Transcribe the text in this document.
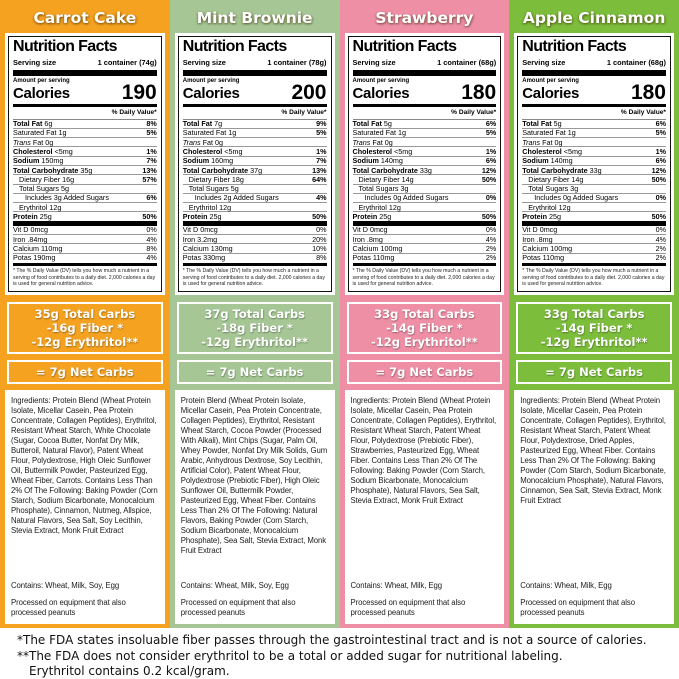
Carrot Cake
Nutrition Facts
Serving size	1 container (74g)
Amount per serving
Calories 190
% Daily Value*
Total Fat 6g	8%
Saturated Fat 1g	5%
Trans Fat 0g
Cholesterol <5mg	1%
Sodium 150mg	7%
Total Carbohydrate 35g	13%
Dietary Fiber 16g	57%
Total Sugars 5g
Includes 3g Added Sugars	6%
Erythritol 12g
Protein 25g	50%
Vit D 0mcg	0%
Iron .84mg	4%
Calcium 110mg	8%
Potas 190mg	4%
* The % Daily Value (DV) tells you how much a nutrient in a serving of food contributes to a daily diet. 2,000 calories a day is used for general nutrition advice.
35g Total Carbs
-16g Fiber *
-12g Erythritol**
= 7g Net Carbs

Ingredients: Protein Blend (Wheat Protein Isolate, Micellar Casein, Pea Protein Concentrate, Collagen Peptides), Erythritol, Resistant Wheat Starch, White Chocolate (Sugar, Cocoa Butter, Nonfat Dry Milk, Butteroil, Natural Flavor), Patent Wheat Flour, Polydextrose, High Oleic Sunflower Oil, Buttermilk Powder, Pasteurized Egg, Wheat Fiber, Carrots. Contains Less Than 2% Of The Following: Baking Powder (Corn Starch, Sodium Bicarbonate, Monocalcium Phosphate), Cinnamon, Nutmeg, Allspice, Natural Flavors, Sea Salt, Soy Lecithin, Stevia Extract, Monk Fruit Extract

Contains: Wheat, Milk, Soy, Egg

Processed on equipment that also processed peanuts

Mint Brownie
Nutrition Facts
Serving size	1 container (78g)
Amount per serving
Calories 200
% Daily Value*
Total Fat 7g	9%
Saturated Fat 1g	5%
Trans Fat 0g
Cholesterol <5mg	1%
Sodium 160mg	7%
Total Carbohydrate 37g	13%
Dietary Fiber 18g	64%
Total Sugars 5g
Includes 2g Added Sugars	4%
Erythritol 12g
Protein 25g	50%
Vit D 0mcg	0%
Iron 3.2mg	20%
Calcium 130mg	10%
Potas 330mg	8%
* The % Daily Value (DV) tells you how much a nutrient in a serving of food contributes to a daily diet. 2,000 calories a day is used for general nutrition advice.
37g Total Carbs
-18g Fiber *
-12g Erythritol**
= 7g Net Carbs

Protein Blend (Wheat Protein Isolate, Micellar Casein, Pea Protein Concentrate, Collagen Peptides), Erythritol, Resistant Wheat Starch, Cocoa Powder (Processed With Alkali), Mint Chips (Sugar, Palm Oil, Whey Powder, Nonfat Dry Milk Solids, Gum Arabic, Anhydrous Dextrose, Soy Lecithin, Artificial Color), Patent Wheat Flour, Polydextrose (Prebiotic Fiber), High Oleic Sunflower Oil, Buttermilk Powder, Pasteurized Egg, Wheat Fiber. Contains Less Than 2% Of The Following: Natural Flavors, Baking Powder (Corn Starch, Sodium Bicarbonate, Monocalcium Phosphate), Sea Salt, Stevia Extract, Monk Fruit Extract

Contains: Wheat, Milk, Soy, Egg

Processed on equipment that also processed peanuts

Strawberry
Nutrition Facts
Serving size	1 container (68g)
Amount per serving
Calories 180
% Daily Value*
Total Fat 5g	6%
Saturated Fat 1g	5%
Trans Fat 0g
Cholesterol <5mg	1%
Sodium 140mg	6%
Total Carbohydrate 33g	12%
Dietary Fiber 14g	50%
Total Sugars 3g
Includes 0g Added Sugars	0%
Erythritol 12g
Protein 25g	50%
Vit D 0mcg	0%
Iron .8mg	4%
Calcium 100mg	2%
Potas 110mg	2%
* The % Daily Value (DV) tells you how much a nutrient in a serving of food contributes to a daily diet. 2,000 calories a day is used for general nutrition advice.
33g Total Carbs
-14g Fiber *
-12g Erythritol**
= 7g Net Carbs

Ingredients: Protein Blend (Wheat Protein Isolate, Micellar Casein, Pea Protein Concentrate, Collagen Peptides), Erythritol, Resistant Wheat Starch, Patent Wheat Flour, Polydextrose (Prebiotic Fiber), Strawberries, Pasteurized Egg, Wheat Fiber. Contains Less Than 2% Of The Following: Baking Powder (Corn Starch, Sodium Bicarbonate, Monocalcium Phosphate), Natural Flavors, Sea Salt, Stevia Extract, Monk Fruit Extract

Contains: Wheat, Milk, Egg

Processed on equipment that also processed peanuts

Apple Cinnamon
Nutrition Facts
Serving size	1 container (68g)
Amount per serving
Calories 180
% Daily Value*
Total Fat 5g	6%
Saturated Fat 1g	5%
Trans Fat 0g
Cholesterol <5mg	1%
Sodium 140mg	6%
Total Carbohydrate 33g	12%
Dietary Fiber 14g	50%
Total Sugars 3g
Includes 0g Added Sugars	0%
Erythritol 12g
Protein 25g	50%
Vit D 0mcg	0%
Iron .8mg	4%
Calcium 100mg	2%
Potas 110mg	2%
* The % Daily Value (DV) tells you how much a nutrient in a serving of food contributes to a daily diet. 2,000 calories a day is used for general nutrition advice.
33g Total Carbs
-14g Fiber *
-12g Erythritol**
= 7g Net Carbs

Ingredients: Protein Blend (Wheat Protein Isolate, Micellar Casein, Pea Protein Concentrate, Collagen Peptides), Erythritol, Resistant Wheat Starch, Patent Wheat Flour, Polydextrose, Dried Apples, Pasteurized Egg, Wheat Fiber. Contains Less Than 2% Of The Following: Baking Powder (Corn Starch, Sodium Bicarbonate, Monocalcium Phosphate), Natural Flavors, Cinnamon, Sea Salt, Stevia Extract, Monk Fruit Extract

Contains: Wheat, Milk, Egg

Processed on equipment that also processed peanuts

*The FDA states insoluable fiber passes through the gastrointestinal tract and is not a source of calories.
**The FDA does not consider erythritol to be a total or added sugar for nutritional labeling.
Erythritol contains 0.2 kcal/gram.
